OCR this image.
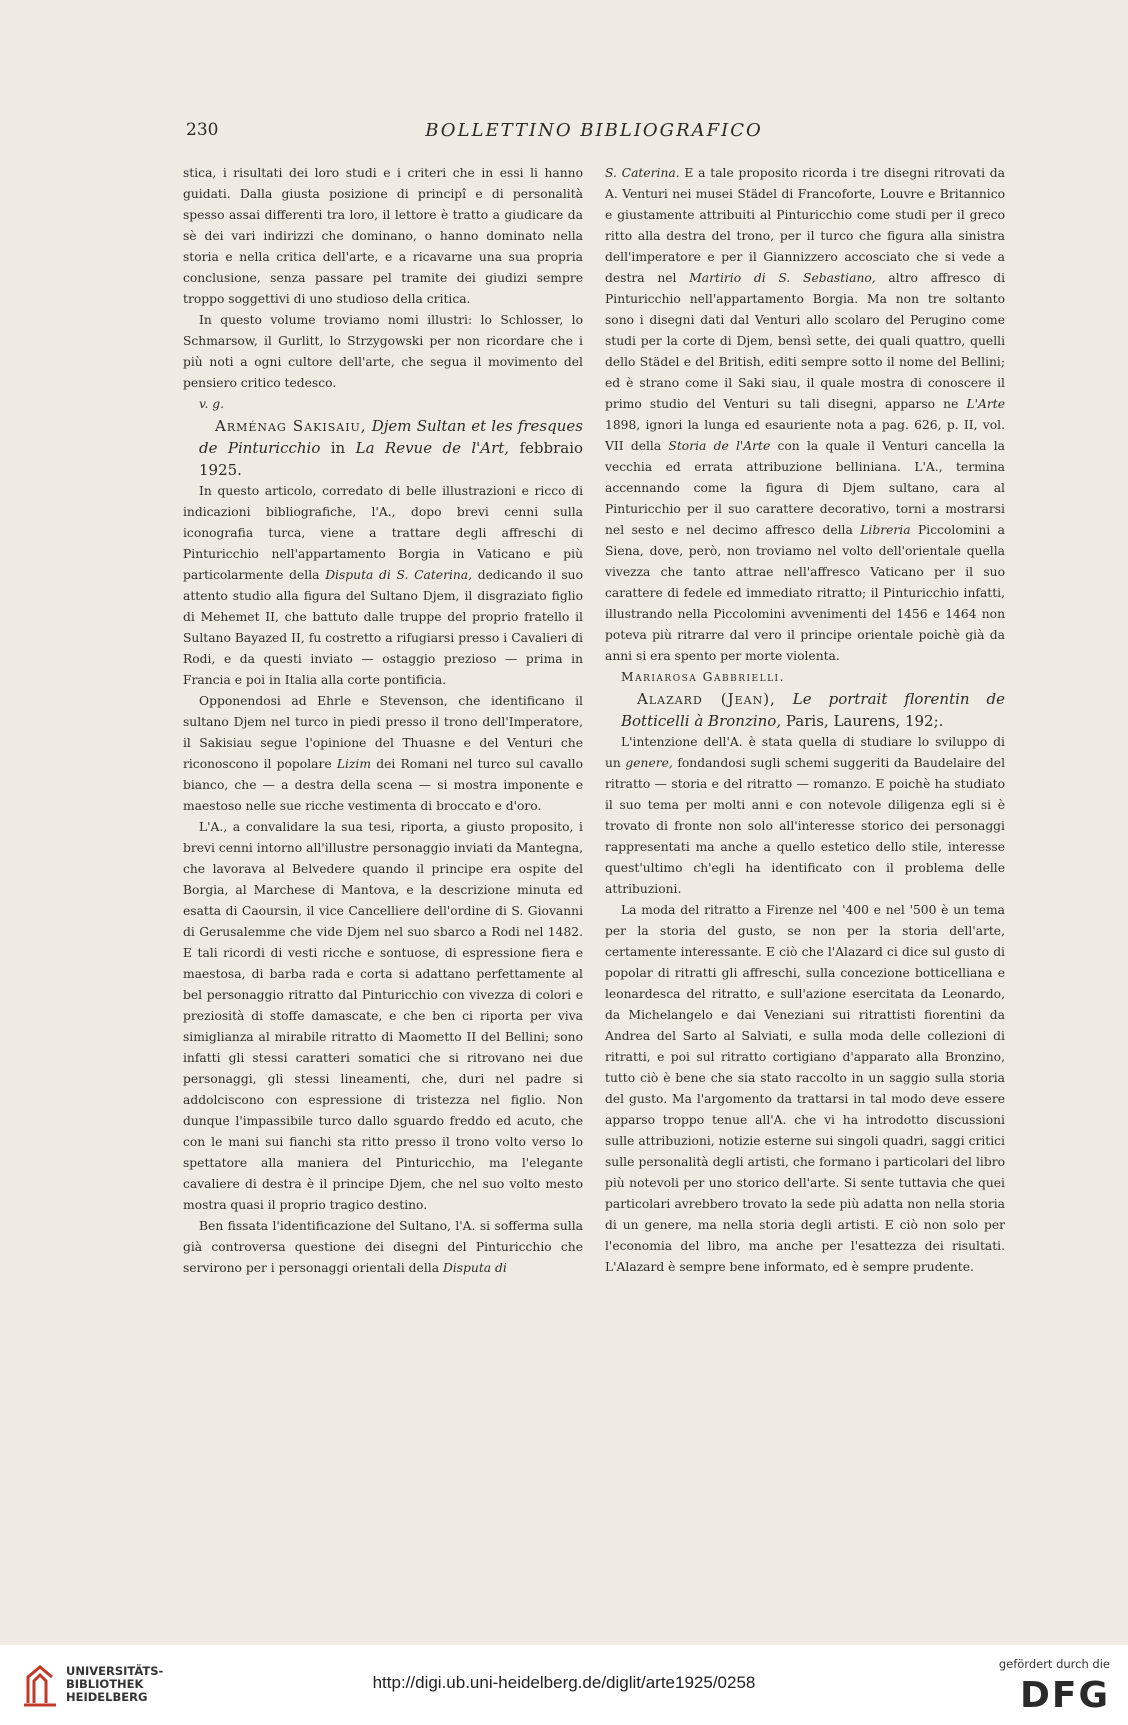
230	BOLLETTINO BIBLIOGRAFICO

stica, i risultati dei loro studi e i criteri che in essi li hanno guidati. Dalla giusta posizione di principî e di personalità spesso assai differenti tra loro, il lettore è tratto a giudicare da sè dei vari indirizzi che dominano, o hanno dominato nella storia e nella critica dell'arte, e a ricavarne una sua propria conclusione, senza passare pel tramite dei giudizi sempre troppo soggettivi di uno studioso della critica.

In questo volume troviamo nomi illustri: lo Schlosser, lo Schmarsow, il Gurlitt, lo Strzygowski per non ricordare che i più noti a ogni cultore dell'arte, che segua il movimento del pensiero critico tedesco.

v. g.

Arménag Sakisaiu, Djem Sultan et les fresques de Pinturicchio in La Revue de l'Art, febbraio 1925.

In questo articolo, corredato di belle illustrazioni e ricco di indicazioni bibliografiche, l'A., dopo brevi cenni sulla iconografia turca, viene a trattare degli affreschi di Pinturicchio nell'appartamento Borgia in Vaticano e più particolarmente della Disputa di S. Caterina, dedicando il suo attento studio alla figura del Sultano Djem, il disgraziato figlio di Mehemet II, che battuto dalle truppe del proprio fratello il Sultano Bayazed II, fu costretto a rifugiarsi presso i Cavalieri di Rodi, e da questi inviato — ostaggio prezioso — prima in Francia e poi in Italia alla corte pontificia.

Opponendosi ad Ehrle e Stevenson, che identificano il sultano Djem nel turco in piedi presso il trono dell'Imperatore, il Sakisiau segue l'opinione del Thuasne e del Venturi che riconoscono il popolare Lizim dei Romani nel turco sul cavallo bianco, che — a destra della scena — si mostra imponente e maestoso nelle sue ricche vestimenta di broccato e d'oro.

L'A., a convalidare la sua tesi, riporta, a giusto proposito, i brevi cenni intorno all'illustre personaggio inviati da Mantegna, che lavorava al Belvedere quando il principe era ospite del Borgia, al Marchese di Mantova, e la descrizione minuta ed esatta di Caoursin, il vice Cancelliere dell'ordine di S. Giovanni di Gerusalemme che vide Djem nel suo sbarco a Rodi nel 1482. E tali ricordi di vesti ricche e sontuose, di espressione fiera e maestosa, di barba rada e corta si adattano perfettamente al bel personaggio ritratto dal Pinturicchio con vivezza di colori e preziosità di stoffe damascate, e che ben ci riporta per viva simiglianza al mirabile ritratto di Maometto II del Bellini; sono infatti gli stessi caratteri somatici che si ritrovano nei due personaggi, gli stessi lineamenti, che, duri nel padre si addolciscono con espressione di tristezza nel figlio. Non dunque l'impassibile turco dallo sguardo freddo ed acuto, che con le mani sui fianchi sta ritto presso il trono volto verso lo spettatore alla maniera del Pinturicchio, ma l'elegante cavaliere di destra è il principe Djem, che nel suo volto mesto mostra quasi il proprio tragico destino.

Ben fissata l'identificazione del Sultano, l'A. si sofferma sulla già controversa questione dei disegni del Pinturicchio che servirono per i personaggi orientali della Disputa di

S. Caterina. E a tale proposito ricorda i tre disegni ritrovati da A. Venturi nei musei Städel di Francoforte, Louvre e Britannico e giustamente attribuiti al Pinturicchio come studi per il greco ritto alla destra del trono, per il turco che figura alla sinistra dell'imperatore e per il Giannizzero accosciato che si vede a destra nel Martirio di S. Sebastiano, altro affresco di Pinturicchio nell'appartamento Borgia. Ma non tre soltanto sono i disegni dati dal Venturi allo scolaro del Perugino come studi per la corte di Djem, bensì sette, dei quali quattro, quelli dello Städel e del British, editi sempre sotto il nome del Bellini; ed è strano come il Saki siau, il quale mostra di conoscere il primo studio del Venturi su tali disegni, apparso ne L'Arte 1898, ignori la lunga ed esauriente nota a pag. 626, p. II, vol. VII della Storia de l'Arte con la quale il Venturi cancella la vecchia ed errata attribuzione belliniana. L'A., termina accennando come la figura di Djem sultano, cara al Pinturicchio per il suo carattere decorativo, torni a mostrarsi nel sesto e nel decimo affresco della Libreria Piccolomini a Siena, dove, però, non troviamo nel volto dell'orientale quella vivezza che tanto attrae nell'affresco Vaticano per il suo carattere di fedele ed immediato ritratto; il Pinturicchio infatti, illustrando nella Piccolomini avvenimenti del 1456 e 1464 non poteva più ritrarre dal vero il principe orientale poichè già da anni si era spento per morte violenta.

Mariarosa Gabbrielli.

Alazard (Jean), Le portrait florentin de Botticelli à Bronzino, Paris, Laurens, 192;.

L'intenzione dell'A. è stata quella di studiare lo sviluppo di un genere, fondandosi sugli schemi suggeriti da Baudelaire del ritratto — storia e del ritratto — romanzo. E poichè ha studiato il suo tema per molti anni e con notevole diligenza egli si è trovato di fronte non solo all'interesse storico dei personaggi rappresentati ma anche a quello estetico dello stile, interesse quest'ultimo ch'egli ha identificato con il problema delle attribuzioni.

La moda del ritratto a Firenze nel '400 e nel '500 è un tema per la storia del gusto, se non per la storia dell'arte, certamente interessante. E ciò che l'Alazard ci dice sul gusto di popolar di ritratti gli affreschi, sulla concezione botticelliana e leonardesca del ritratto, e sull'azione esercitata da Leonardo, da Michelangelo e dai Veneziani sui ritrattisti fiorentini da Andrea del Sarto al Salviati, e sulla moda delle collezioni di ritratti, e poi sul ritratto cortigiano d'apparato alla Bronzino, tutto ciò è bene che sia stato raccolto in un saggio sulla storia del gusto. Ma l'argomento da trattarsi in tal modo deve essere apparso troppo tenue all'A. che vi ha introdotto discussioni sulle attribuzioni, notizie esterne sui singoli quadri, saggi critici sulle personalità degli artisti, che formano i particolari del libro più notevoli per uno storico dell'arte. Si sente tuttavia che quei particolari avrebbero trovato la sede più adatta non nella storia di un genere, ma nella storia degli artisti. E ciò non solo per l'economia del libro, ma anche per l'esattezza dei risultati. L'Alazard è sempre bene informato, ed è sempre prudente.

UNIVERSITÄTS-
BIBLIOTHEK
HEIDELBERG
http://digi.ub.uni-heidelberg.de/diglit/arte1925/0258
gefördert durch die
DFG
